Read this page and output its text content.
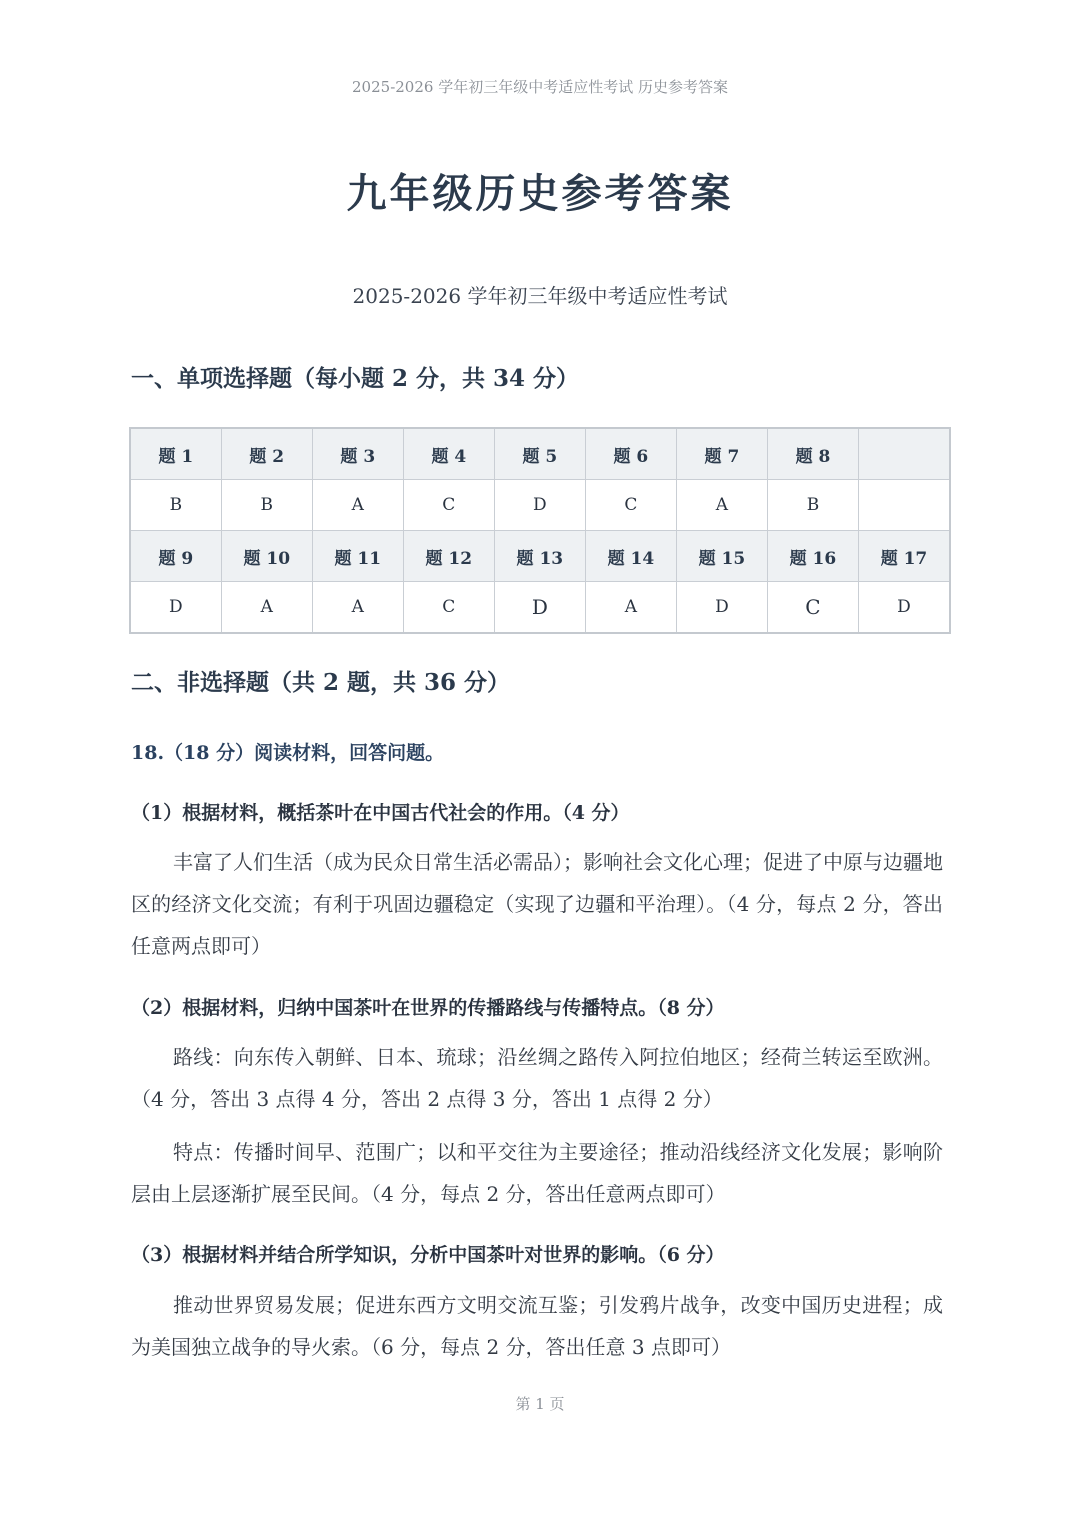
2025-2026 学年初三年级中考适应性考试 历史参考答案
九年级历史参考答案
2025-2026 学年初三年级中考适应性考试
一、单项选择题（每小题 2 分，共 34 分）
题 1	题 2	题 3	题 4	题 5	题 6	题 7	题 8	
B	B	A	C	D	C	A	B	
题 9	题 10	题 11	题 12	题 13	题 14	题 15	题 16	题 17
D	A	A	C	D	A	D	C	D
二、非选择题（共 2 题，共 36 分）
18.（18 分）阅读材料，回答问题。
（1）根据材料，概括茶叶在中国古代社会的作用。（4 分）
丰富了人们生活（成为民众日常生活必需品）；影响社会文化心理；促进了中原与边疆地区的经济文化交流；有利于巩固边疆稳定（实现了边疆和平治理）。（4 分，每点 2 分，答出任意两点即可）
（2）根据材料，归纳中国茶叶在世界的传播路线与传播特点。（8 分）
路线：向东传入朝鲜、日本、琉球；沿丝绸之路传入阿拉伯地区；经荷兰转运至欧洲。（4 分，答出 3 点得 4 分，答出 2 点得 3 分，答出 1 点得 2 分）
特点：传播时间早、范围广；以和平交往为主要途径；推动沿线经济文化发展；影响阶层由上层逐渐扩展至民间。（4 分，每点 2 分，答出任意两点即可）
（3）根据材料并结合所学知识，分析中国茶叶对世界的影响。（6 分）
推动世界贸易发展；促进东西方文明交流互鉴；引发鸦片战争，改变中国历史进程；成为美国独立战争的导火索。（6 分，每点 2 分，答出任意 3 点即可）
第 1 页
